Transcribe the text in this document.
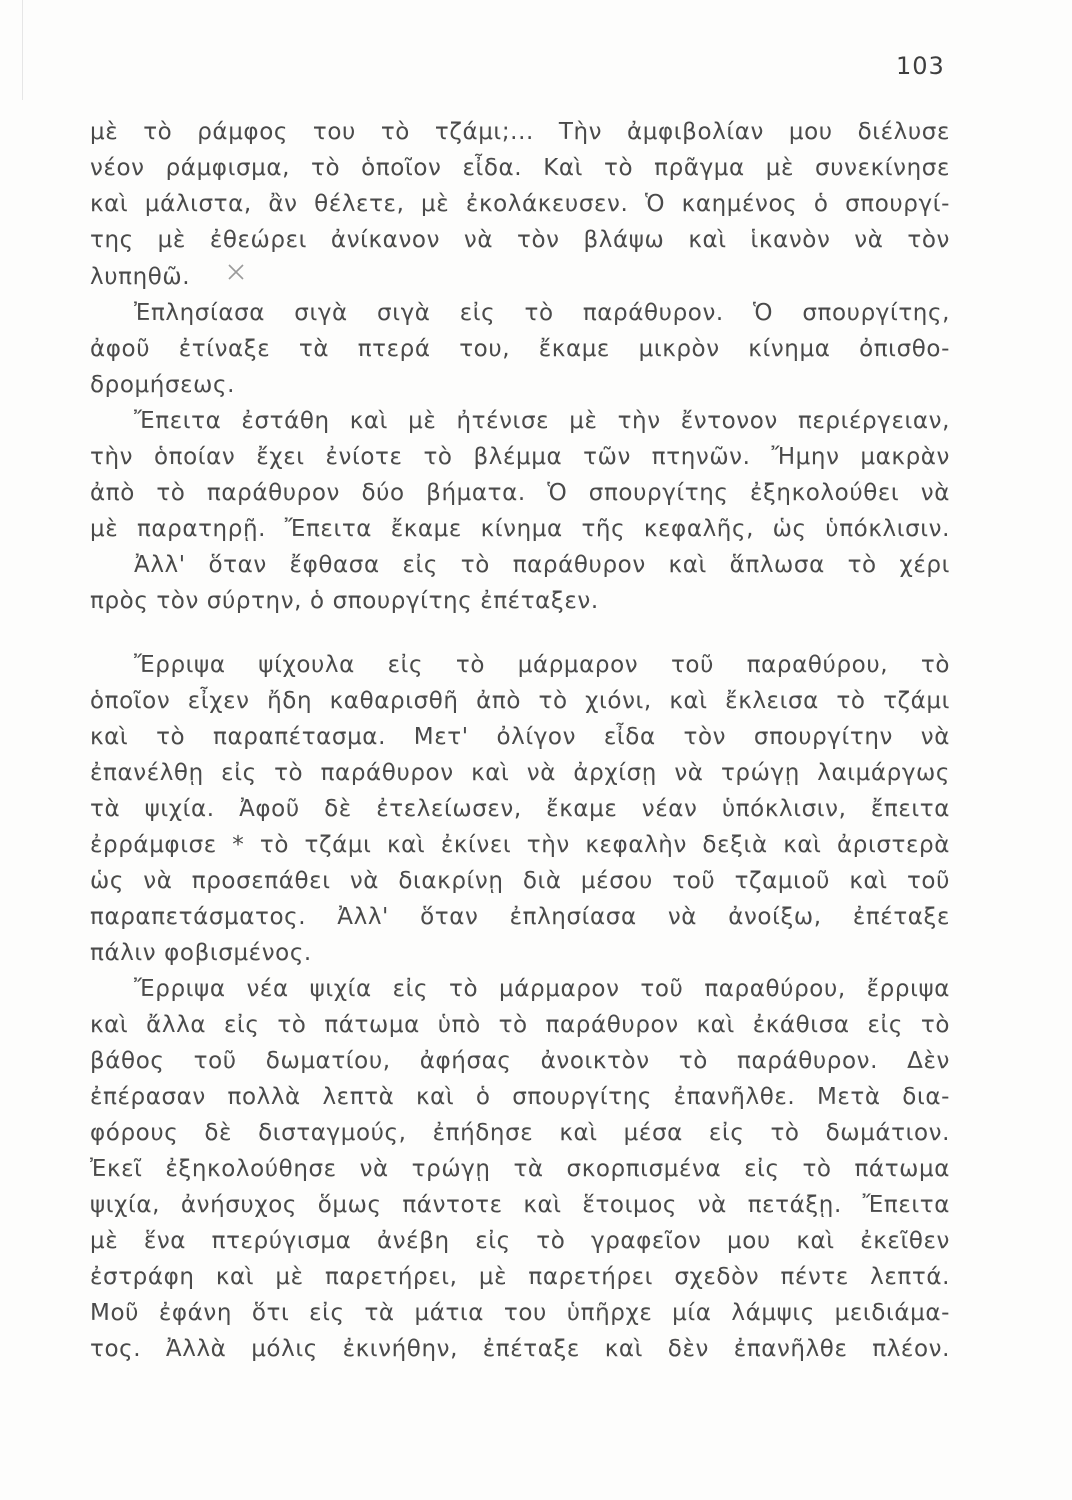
103
μὲ τὸ ράμφος του τὸ τζάμι;... Τὴν ἀμφιβολίαν μου διέλυσε
νέον ράμφισμα, τὸ ὁποῖον εἶδα. Καὶ τὸ πρᾶγμα μὲ συνεκίνησε
καὶ μάλιστα, ἂν θέλετε, μὲ ἐκολάκευσεν. Ὁ καημένος ὁ σπουργί-
της μὲ ἐθεώρει ἀνίκανον νὰ τὸν βλάψω καὶ ἱκανὸν νὰ τὸν
λυπηθῶ.
Ἐπλησίασα σιγὰ σιγὰ εἰς τὸ παράθυρον. Ὁ σπουργίτης,
ἀφοῦ ἐτίναξε τὰ πτερά του, ἔκαμε μικρὸν κίνημα ὀπισθο-
δρομήσεως.
Ἔπειτα ἐστάθη καὶ μὲ ἠτένισε μὲ τὴν ἔντονον περιέργειαν,
τὴν ὁποίαν ἔχει ἐνίοτε τὸ βλέμμα τῶν πτηνῶν. Ἤμην μακρὰν
ἀπὸ τὸ παράθυρον δύο βήματα. Ὁ σπουργίτης ἐξηκολούθει νὰ
μὲ παρατηρῇ. Ἔπειτα ἔκαμε κίνημα τῆς κεφαλῆς, ὡς ὑπόκλισιν.
Ἀλλ' ὅταν ἔφθασα εἰς τὸ παράθυρον καὶ ἅπλωσα τὸ χέρι
πρὸς τὸν σύρτην, ὁ σπουργίτης ἐπέταξεν.
Ἔρριψα ψίχουλα εἰς τὸ μάρμαρον τοῦ παραθύρου, τὸ
ὁποῖον εἶχεν ἤδη καθαρισθῆ ἀπὸ τὸ χιόνι, καὶ ἔκλεισα τὸ τζάμι
καὶ τὸ παραπέτασμα. Μετ' ὀλίγον εἶδα τὸν σπουργίτην νὰ
ἐπανέλθῃ εἰς τὸ παράθυρον καὶ νὰ ἀρχίσῃ νὰ τρώγῃ λαιμάργως
τὰ ψιχία. Ἀφοῦ δὲ ἐτελείωσεν, ἔκαμε νέαν ὑπόκλισιν, ἔπειτα
ἐρράμφισε * τὸ τζάμι καὶ ἐκίνει τὴν κεφαλὴν δεξιὰ καὶ ἀριστερὰ
ὡς νὰ προσεπάθει νὰ διακρίνῃ διὰ μέσου τοῦ τζαμιοῦ καὶ τοῦ
παραπετάσματος. Ἀλλ' ὅταν ἐπλησίασα νὰ ἀνοίξω, ἐπέταξε
πάλιν φοβισμένος.
Ἔρριψα νέα ψιχία εἰς τὸ μάρμαρον τοῦ παραθύρου, ἔρριψα
καὶ ἄλλα εἰς τὸ πάτωμα ὑπὸ τὸ παράθυρον καὶ ἐκάθισα εἰς τὸ
βάθος τοῦ δωματίου, ἀφήσας ἀνοικτὸν τὸ παράθυρον. Δὲν
ἐπέρασαν πολλὰ λεπτὰ καὶ ὁ σπουργίτης ἐπανῆλθε. Μετὰ δια-
φόρους δὲ δισταγμούς, ἐπήδησε καὶ μέσα εἰς τὸ δωμάτιον.
Ἐκεῖ ἐξηκολούθησε νὰ τρώγῃ τὰ σκορπισμένα εἰς τὸ πάτωμα
ψιχία, ἀνήσυχος ὅμως πάντοτε καὶ ἕτοιμος νὰ πετάξῃ. Ἔπειτα
μὲ ἕνα πτερύγισμα ἀνέβη εἰς τὸ γραφεῖον μου καὶ ἐκεῖθεν
ἐστράφη καὶ μὲ παρετήρει, μὲ παρετήρει σχεδὸν πέντε λεπτά.
Μοῦ ἐφάνη ὅτι εἰς τὰ μάτια του ὑπῆρχε μία λάμψις μειδιάμα-
τος. Ἀλλὰ μόλις ἐκινήθην, ἐπέταξε καὶ δὲν ἐπανῆλθε πλέον.
